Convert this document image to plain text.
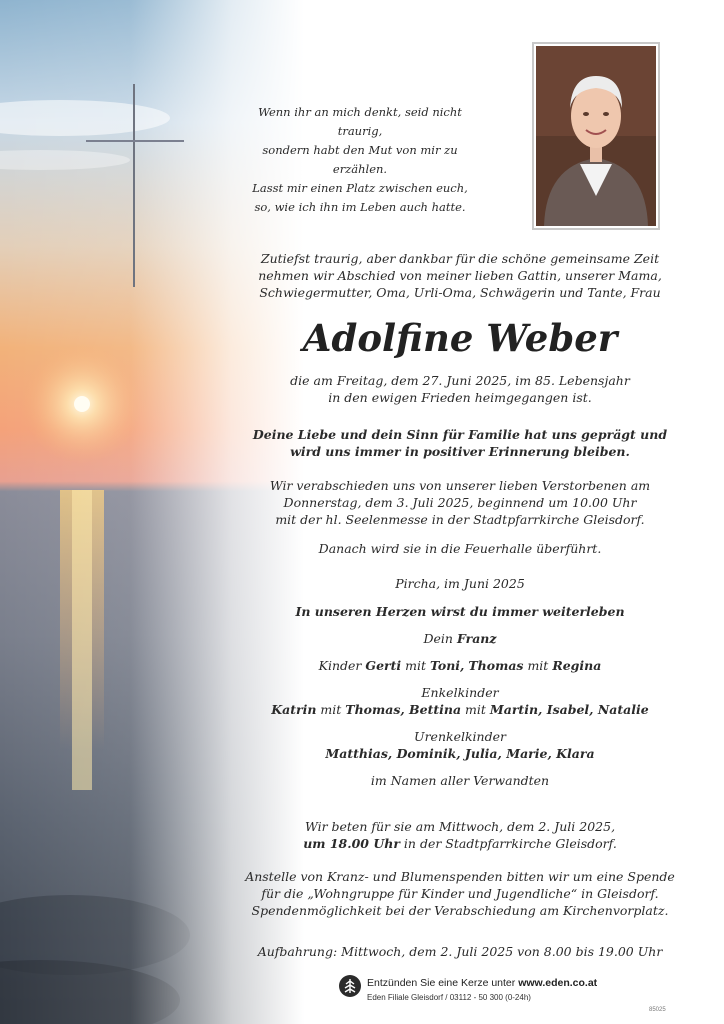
Wenn ihr an mich denkt, seid nicht traurig,
sondern habt den Mut von mir zu erzählen.
Lasst mir einen Platz zwischen euch,
so, wie ich ihn im Leben auch hatte.
Zutiefst traurig, aber dankbar für die schöne gemeinsame Zeit
nehmen wir Abschied von meiner lieben Gattin, unserer Mama,
Schwiegermutter, Oma, Urli-Oma, Schwägerin und Tante, Frau
Adolfine Weber
die am Freitag, dem 27. Juni 2025, im 85. Lebensjahr
in den ewigen Frieden heimgegangen ist.
Deine Liebe und dein Sinn für Familie hat uns geprägt und
wird uns immer in positiver Erinnerung bleiben.
Wir verabschieden uns von unserer lieben Verstorbenen am
Donnerstag, dem 3. Juli 2025, beginnend um 10.00 Uhr
mit der hl. Seelenmesse in der Stadtpfarrkirche Gleisdorf.
Danach wird sie in die Feuerhalle überführt.
Pircha, im Juni 2025
In unseren Herzen wirst du immer weiterleben
Dein Franz
Kinder Gerti mit Toni, Thomas mit Regina
Enkelkinder
Katrin mit Thomas, Bettina mit Martin, Isabel, Natalie
Urenkelkinder
Matthias, Dominik, Julia, Marie, Klara
im Namen aller Verwandten
Wir beten für sie am Mittwoch, dem 2. Juli 2025,
um 18.00 Uhr in der Stadtpfarrkirche Gleisdorf.
Anstelle von Kranz- und Blumenspenden bitten wir um eine Spende
für die „Wohngruppe für Kinder und Jugendliche“ in Gleisdorf.
Spendenmöglichkeit bei der Verabschiedung am Kirchenvorplatz.
Aufbahrung: Mittwoch, dem 2. Juli 2025 von 8.00 bis 19.00 Uhr
Entzünden Sie eine Kerze unter www.eden.co.at
Eden Filiale Gleisdorf / 03112 - 50 300 (0-24h)
85025
